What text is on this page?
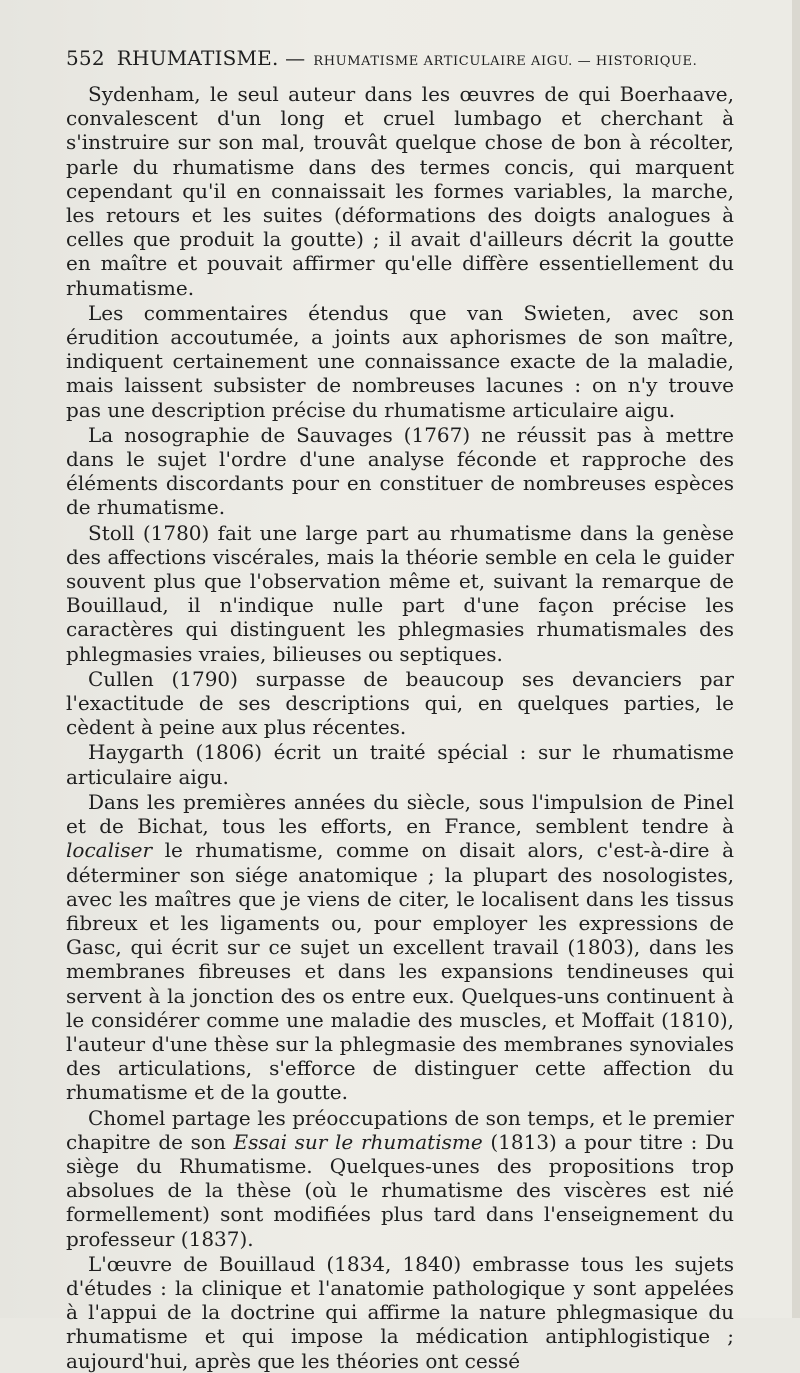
552 RHUMATISME. — RHUMATISME ARTICULAIRE AIGU. — HISTORIQUE.

Sydenham, le seul auteur dans les œuvres de qui Boerhaave, convalescent d'un long et cruel lumbago et cherchant à s'instruire sur son mal, trouvât quelque chose de bon à récolter, parle du rhumatisme dans des termes concis, qui marquent cependant qu'il en connaissait les formes variables, la marche, les retours et les suites (déformations des doigts analogues à celles que produit la goutte) ; il avait d'ailleurs décrit la goutte en maître et pouvait affirmer qu'elle diffère essentiellement du rhumatisme.

Les commentaires étendus que van Swieten, avec son érudition accoutumée, a joints aux aphorismes de son maître, indiquent certainement une connaissance exacte de la maladie, mais laissent subsister de nombreuses lacunes : on n'y trouve pas une description précise du rhumatisme articulaire aigu.

La nosographie de Sauvages (1767) ne réussit pas à mettre dans le sujet l'ordre d'une analyse féconde et rapproche des éléments discordants pour en constituer de nombreuses espèces de rhumatisme.

Stoll (1780) fait une large part au rhumatisme dans la genèse des affections viscérales, mais la théorie semble en cela le guider souvent plus que l'observation même et, suivant la remarque de Bouillaud, il n'indique nulle part d'une façon précise les caractères qui distinguent les phlegmasies rhumatismales des phlegmasies vraies, bilieuses ou septiques.

Cullen (1790) surpasse de beaucoup ses devanciers par l'exactitude de ses descriptions qui, en quelques parties, le cèdent à peine aux plus récentes.

Haygarth (1806) écrit un traité spécial : sur le rhumatisme articulaire aigu.

Dans les premières années du siècle, sous l'impulsion de Pinel et de Bichat, tous les efforts, en France, semblent tendre à localiser le rhumatisme, comme on disait alors, c'est-à-dire à déterminer son siége anatomique ; la plupart des nosologistes, avec les maîtres que je viens de citer, le localisent dans les tissus fibreux et les ligaments ou, pour employer les expressions de Gasc, qui écrit sur ce sujet un excellent travail (1803), dans les membranes fibreuses et dans les expansions tendineuses qui servent à la jonction des os entre eux. Quelques-uns continuent à le considérer comme une maladie des muscles, et Moffait (1810), l'auteur d'une thèse sur la phlegmasie des membranes synoviales des articulations, s'efforce de distinguer cette affection du rhumatisme et de la goutte.

Chomel partage les préoccupations de son temps, et le premier chapitre de son Essai sur le rhumatisme (1813) a pour titre : Du siège du Rhumatisme. Quelques-unes des propositions trop absolues de la thèse (où le rhumatisme des viscères est nié formellement) sont modifiées plus tard dans l'enseignement du professeur (1837).

L'œuvre de Bouillaud (1834, 1840) embrasse tous les sujets d'études : la clinique et l'anatomie pathologique y sont appelées à l'appui de la doctrine qui affirme la nature phlegmasique du rhumatisme et qui impose la médication antiphlogistique ; aujourd'hui, après que les théories ont cessé
